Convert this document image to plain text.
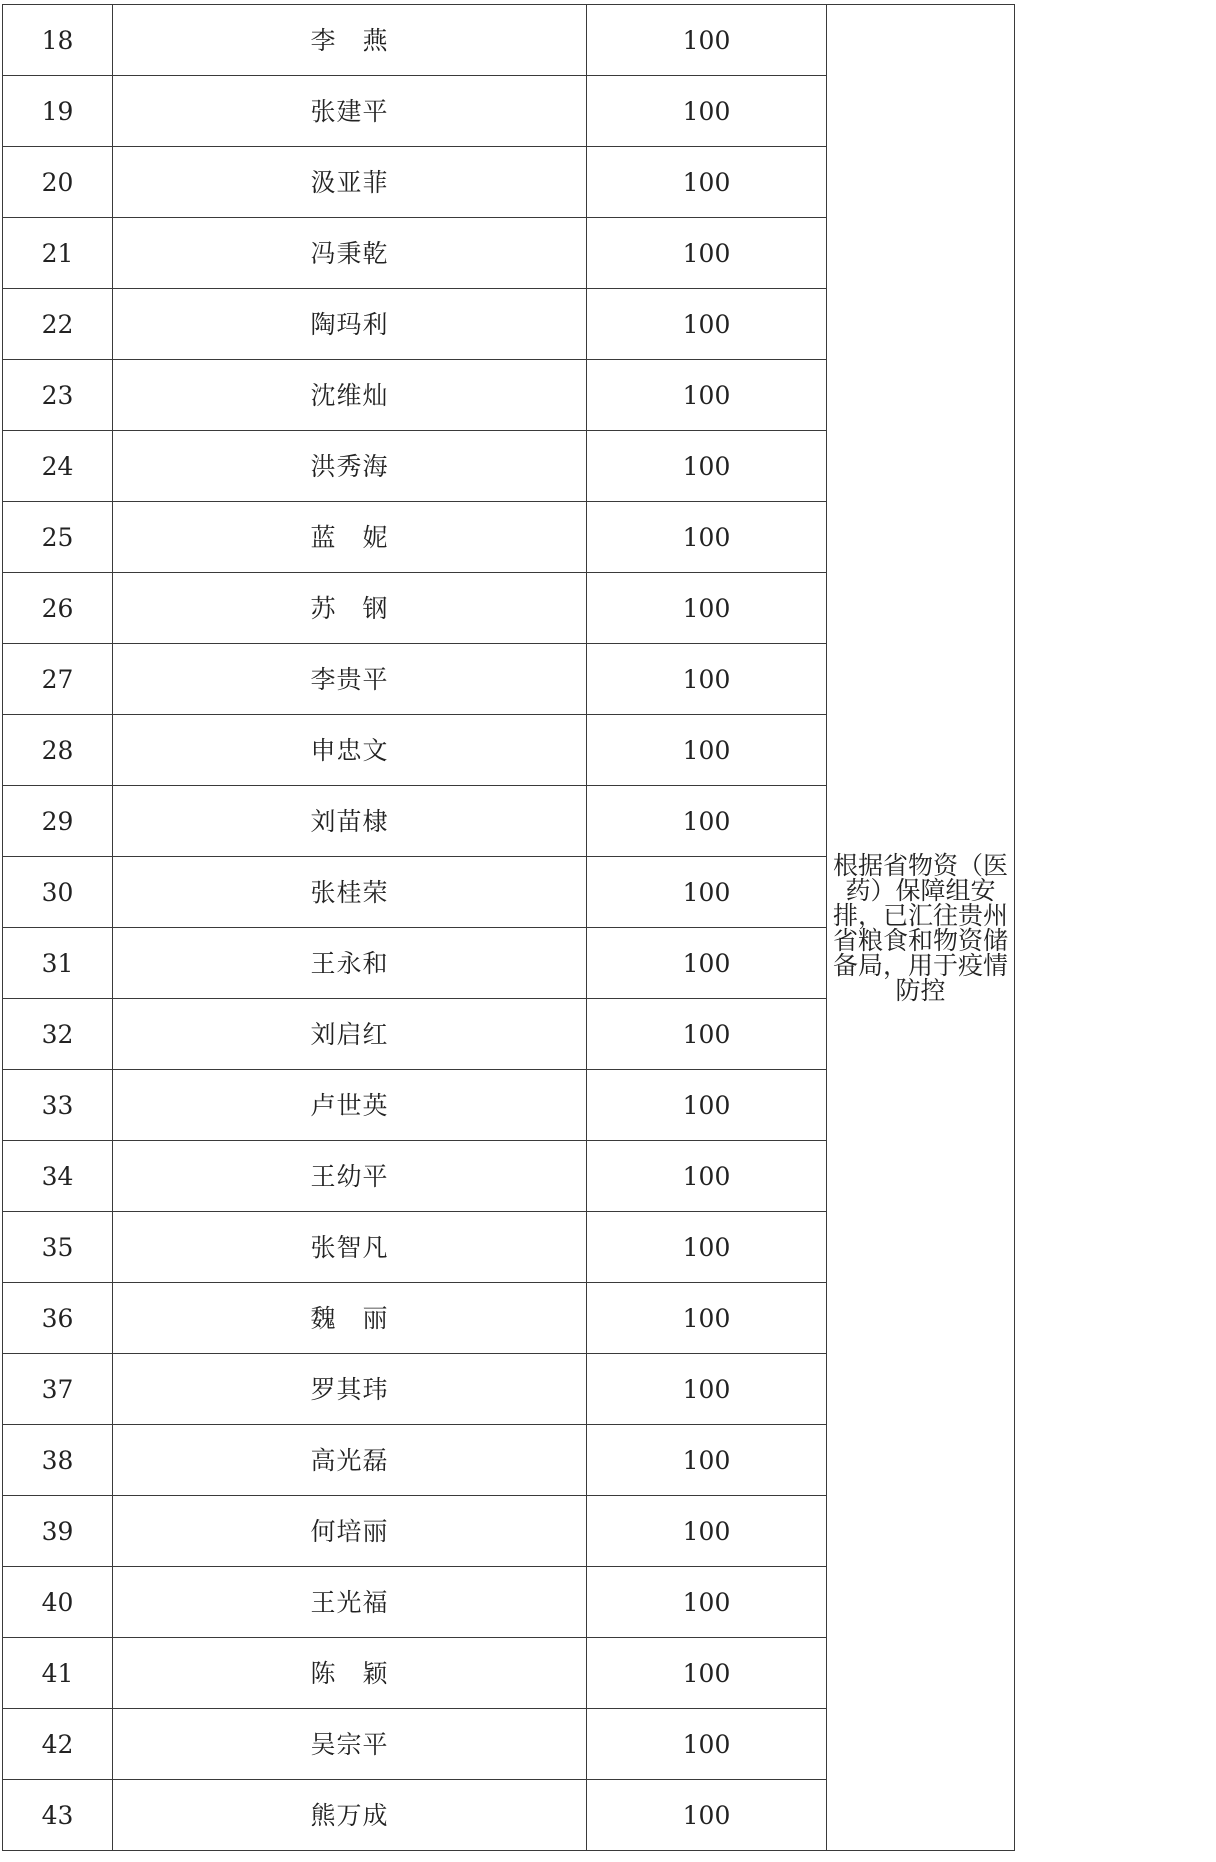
18	李　燕	100	根据省物资（医药）保障组安排，已汇往贵州省粮食和物资储备局，用于疫情防控
19	张建平	100	
20	汲亚菲	100	
21	冯秉乾	100	
22	陶玛利	100	
23	沈维灿	100	
24	洪秀海	100	
25	蓝　妮	100	
26	苏　钢	100	
27	李贵平	100	
28	申忠文	100	
29	刘苗棣	100	
30	张桂荣	100	
31	王永和	100	
32	刘启红	100	
33	卢世英	100	
34	王幼平	100	
35	张智凡	100	
36	魏　丽	100	
37	罗其玮	100	
38	高光磊	100	
39	何培丽	100	
40	王光福	100	
41	陈　颖	100	
42	吴宗平	100	
43	熊万成	100	
